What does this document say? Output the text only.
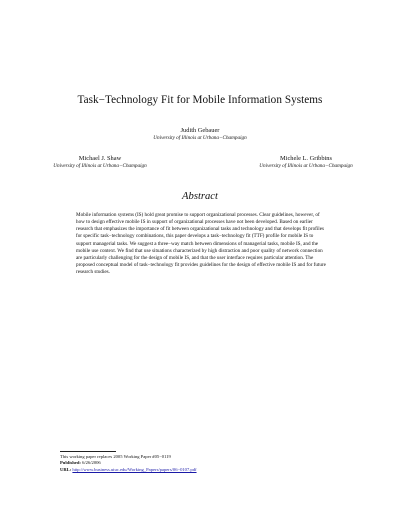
Task−Technology Fit for Mobile Information Systems
Judith Gebauer
University of Illinois at Urbana−Champaign
Michael J. Shaw
University of Illinois at Urbana−Champaign
Michele L. Gribbins
University of Illinois at Urbana−Champaign
Abstract
Mobile information systems (IS) hold great promise to support organizational processes. Clear guidelines, however, of how to design effective mobile IS in support of organizational processes have not been developed. Based on earlier research that emphasizes the importance of fit between organizational tasks and technology and that develops fit profiles for specific task−technology combinations, this paper develops a task−technology fit (TTF) profile for mobile IS to support managerial tasks. We suggest a three−way match between dimensions of managerial tasks, mobile IS, and the mobile use context. We find that use situations characterized by high distraction and poor quality of network connection are particularly challenging for the design of mobile IS, and that the user interface requires particular attention. The proposed conceptual model of task−technology fit provides guidelines for the design of effective mobile IS and for future research studies.
This working paper replaces 2005 Working Paper #05−0119
Published: 6/26/2006
URL: http://www.business.uiuc.edu/Working_Papers/papers/06−0107.pdf
